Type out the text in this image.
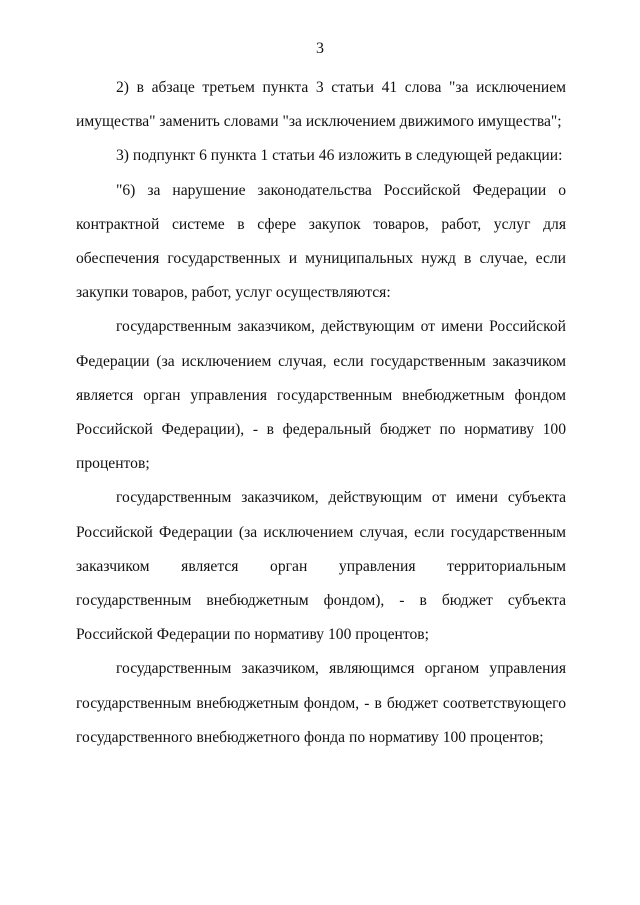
3

2) в абзаце третьем пункта 3 статьи 41 слова "за исключением имущества" заменить словами "за исключением движимого имущества";

3) подпункт 6 пункта 1 статьи 46 изложить в следующей редакции:

"6) за нарушение законодательства Российской Федерации о контрактной системе в сфере закупок товаров, работ, услуг для обеспечения государственных и муниципальных нужд в случае, если закупки товаров, работ, услуг осуществляются:

государственным заказчиком, действующим от имени Российской Федерации (за исключением случая, если государственным заказчиком является орган управления государственным внебюджетным фондом Российской Федерации), - в федеральный бюджет по нормативу 100 процентов;

государственным заказчиком, действующим от имени субъекта Российской Федерации (за исключением случая, если государственным заказчиком является орган управления территориальным государственным внебюджетным фондом), - в бюджет субъекта Российской Федерации по нормативу 100 процентов;

государственным заказчиком, являющимся органом управления государственным внебюджетным фондом, - в бюджет соответствующего государственного внебюджетного фонда по нормативу 100 процентов;
